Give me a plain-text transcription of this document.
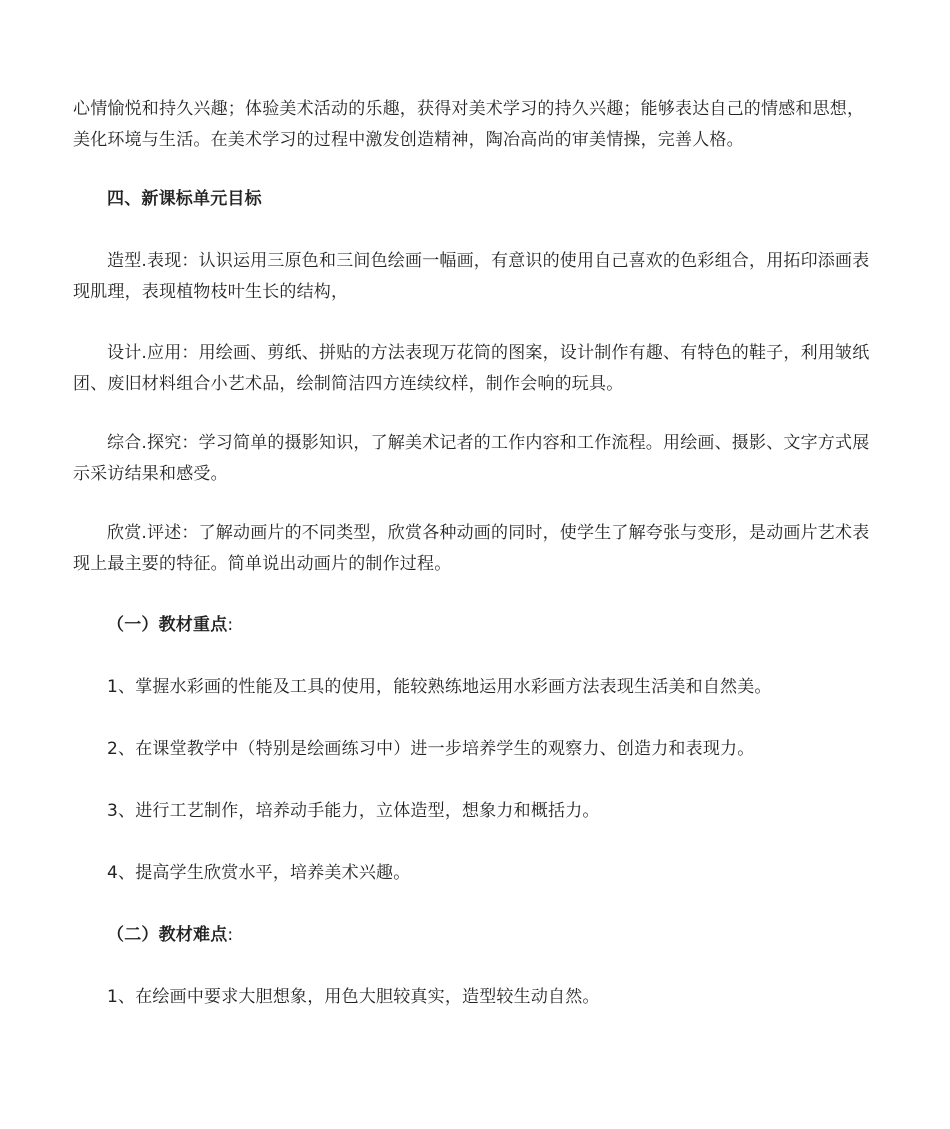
心情愉悦和持久兴趣；体验美术活动的乐趣，获得对美术学习的持久兴趣；能够表达自己的情感和思想，美化环境与生活。在美术学习的过程中激发创造精神，陶冶高尚的审美情操，完善人格。

四、新课标单元目标

造型.表现：认识运用三原色和三间色绘画一幅画，有意识的使用自己喜欢的色彩组合，用拓印添画表现肌理，表现植物枝叶生长的结构，

设计.应用：用绘画、剪纸、拼贴的方法表现万花筒的图案，设计制作有趣、有特色的鞋子，利用皱纸团、废旧材料组合小艺术品，绘制简洁四方连续纹样，制作会响的玩具。

综合.探究：学习简单的摄影知识，了解美术记者的工作内容和工作流程。用绘画、摄影、文字方式展示采访结果和感受。

欣赏.评述：了解动画片的不同类型，欣赏各种动画的同时，使学生了解夸张与变形，是动画片艺术表现上最主要的特征。简单说出动画片的制作过程。

（一）教材重点:

1、掌握水彩画的性能及工具的使用，能较熟练地运用水彩画方法表现生活美和自然美。

2、在课堂教学中（特别是绘画练习中）进一步培养学生的观察力、创造力和表现力。

3、进行工艺制作，培养动手能力，立体造型，想象力和概括力。

4、提高学生欣赏水平，培养美术兴趣。

（二）教材难点:

1、在绘画中要求大胆想象，用色大胆较真实，造型较生动自然。
